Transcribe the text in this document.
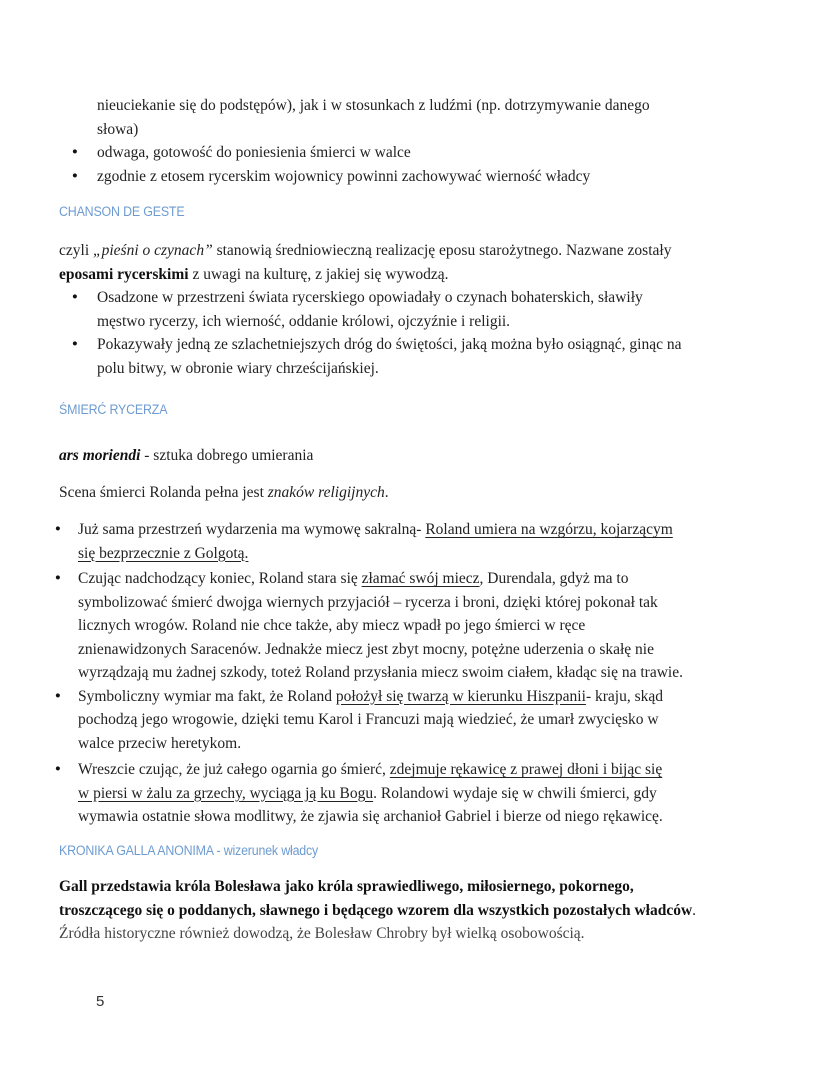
nieuciekanie się do podstępów), jak i w stosunkach z ludźmi (np. dotrzymywanie danego
słowa)
● odwaga, gotowość do poniesienia śmierci w walce
● zgodnie z etosem rycerskim wojownicy powinni zachowywać wierność władcy
CHANSON DE GESTE
czyli „pieśni o czynach” stanowią średniowieczną realizację eposu starożytnego. Nazwane zostały
eposami rycerskimi z uwagi na kulturę, z jakiej się wywodzą.
● Osadzone w przestrzeni świata rycerskiego opowiadały o czynach bohaterskich, sławiły
męstwo rycerzy, ich wierność, oddanie królowi, ojczyźnie i religii.
● Pokazywały jedną ze szlachetniejszych dróg do świętości, jaką można było osiągnąć, ginąc na
polu bitwy, w obronie wiary chrześcijańskiej.
ŚMIERĆ RYCERZA
ars moriendi - sztuka dobrego umierania
Scena śmierci Rolanda pełna jest znaków religijnych.
● Już sama przestrzeń wydarzenia ma wymowę sakralną- Roland umiera na wzgórzu, kojarzącym
się bezprzecznie z Golgotą.
● Czując nadchodzący koniec, Roland stara się złamać swój miecz, Durendala, gdyż ma to
symbolizować śmierć dwojga wiernych przyjaciół – rycerza i broni, dzięki której pokonał tak
licznych wrogów. Roland nie chce także, aby miecz wpadł po jego śmierci w ręce
znienawidzonych Saracenów. Jednakże miecz jest zbyt mocny, potężne uderzenia o skałę nie
wyrządzają mu żadnej szkody, toteż Roland przysłania miecz swoim ciałem, kładąc się na trawie.
● Symboliczny wymiar ma fakt, że Roland położył się twarzą w kierunku Hiszpanii- kraju, skąd
pochodzą jego wrogowie, dzięki temu Karol i Francuzi mają wiedzieć, że umarł zwycięsko w
walce przeciw heretykom.
● Wreszcie czując, że już całego ogarnia go śmierć, zdejmuje rękawicę z prawej dłoni i bijąc się
w piersi w żalu za grzechy, wyciąga ją ku Bogu. Rolandowi wydaje się w chwili śmierci, gdy
wymawia ostatnie słowa modlitwy, że zjawia się archanioł Gabriel i bierze od niego rękawicę.
KRONIKA GALLA ANONIMA - wizerunek władcy
Gall przedstawia króla Bolesława jako króla sprawiedliwego, miłosiernego, pokornego,
troszczącego się o poddanych, sławnego i będącego wzorem dla wszystkich pozostałych władców.
Źródła historyczne również dowodzą, że Bolesław Chrobry był wielką osobowością.
5
